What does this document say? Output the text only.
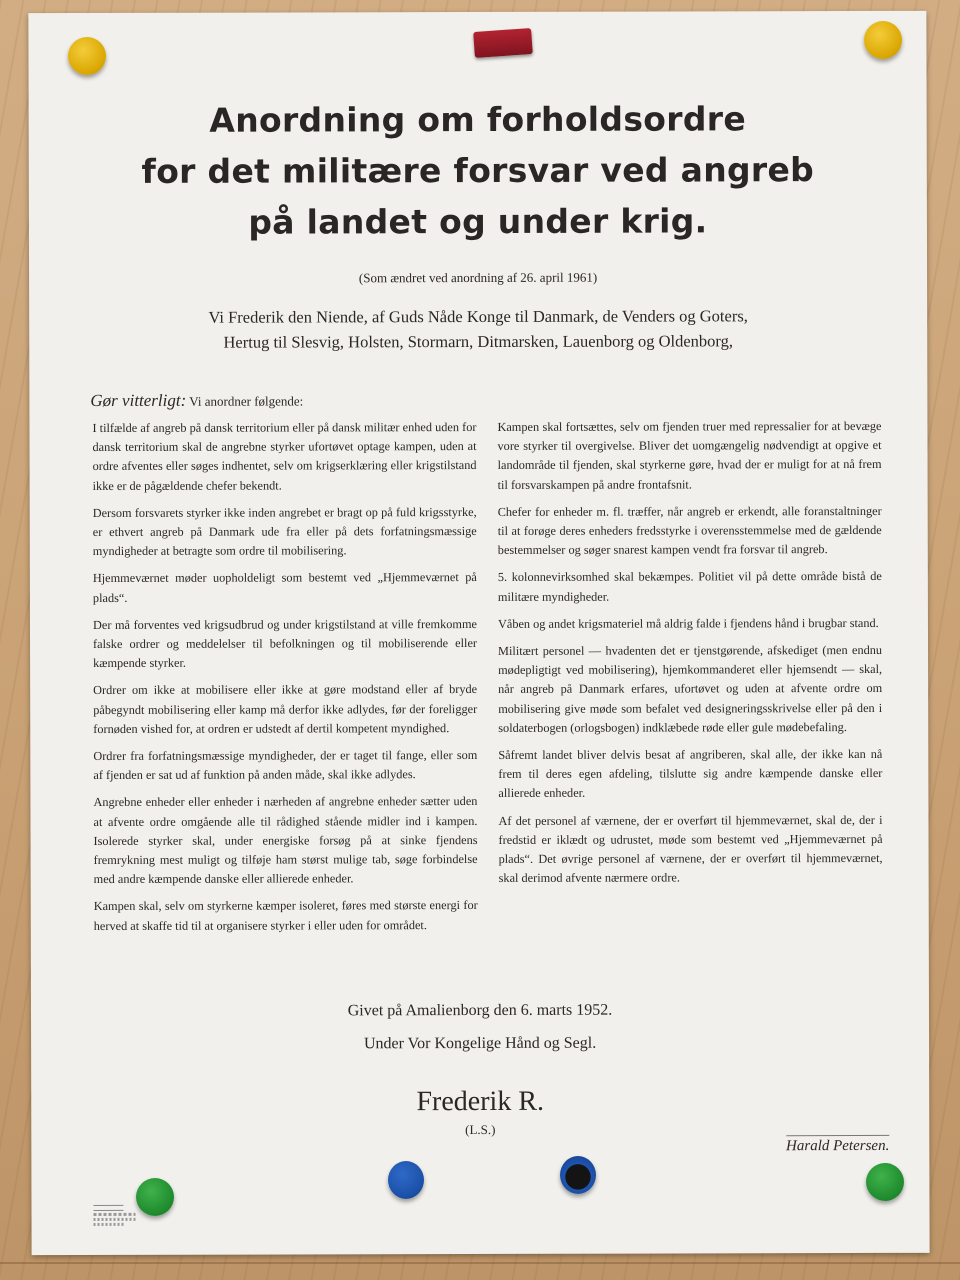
Anordning om forholdsordre
for det militære forsvar ved angreb
på landet og under krig.
(Som ændret ved anordning af 26. april 1961)
Vi Frederik den Niende, af Guds Nåde Konge til Danmark, de Venders og Goters,
Hertug til Slesvig, Holsten, Stormarn, Ditmarsken, Lauenborg og Oldenborg,
Gør vitterligt: Vi anordner følgende:

I tilfælde af angreb på dansk territorium eller på dansk militær enhed uden for dansk territorium skal de angrebne styrker ufortøvet optage kampen, uden at ordre afventes eller søges indhentet, selv om krigserklæring eller krigstilstand ikke er de pågældende chefer bekendt.

Dersom forsvarets styrker ikke inden angrebet er bragt op på fuld krigsstyrke, er ethvert angreb på Danmark ude fra eller på dets forfatningsmæssige myndigheder at betragte som ordre til mobilisering.

Hjemmeværnet møder uopholdeligt som bestemt ved „Hjemmeværnet på plads“.

Der må forventes ved krigsudbrud og under krigstilstand at ville fremkomme falske ordrer og meddelelser til befolkningen og til mobiliserende eller kæmpende styrker.

Ordrer om ikke at mobilisere eller ikke at gøre modstand eller af bryde påbegyndt mobilisering eller kamp må derfor ikke adlydes, før der foreligger fornøden vished for, at ordren er udstedt af dertil kompetent myndighed.

Ordrer fra forfatningsmæssige myndigheder, der er taget til fange, eller som af fjenden er sat ud af funktion på anden måde, skal ikke adlydes.

Angrebne enheder eller enheder i nærheden af angrebne enheder sætter uden at afvente ordre omgående alle til rådighed stående midler ind i kampen. Isolerede styrker skal, under energiske forsøg på at sinke fjendens fremrykning mest muligt og tilføje ham størst mulige tab, søge forbindelse med andre kæmpende danske eller allierede enheder.

Kampen skal, selv om styrkerne kæmper isoleret, føres med største energi for herved at skaffe tid til at organisere styrker i eller uden for området.

Kampen skal fortsættes, selv om fjenden truer med repressalier for at bevæge vore styrker til overgivelse. Bliver det uomgængelig nødvendigt at opgive et landområde til fjenden, skal styrkerne gøre, hvad der er muligt for at nå frem til forsvarskampen på andre frontafsnit.

Chefer for enheder m. fl. træffer, når angreb er erkendt, alle foranstaltninger til at forøge deres enheders fredsstyrke i overensstemmelse med de gældende bestemmelser og søger snarest kampen vendt fra forsvar til angreb.

5. kolonnevirksomhed skal bekæmpes. Politiet vil på dette område bistå de militære myndigheder.

Våben og andet krigsmateriel må aldrig falde i fjendens hånd i brugbar stand.

Militært personel — hvadenten det er tjenstgørende, afskediget (men endnu mødepligtigt ved mobilisering), hjemkommanderet eller hjemsendt — skal, når angreb på Danmark erfares, ufortøvet og uden at afvente ordre om mobilisering give møde som befalet ved designeringsskrivelse eller på den i soldaterbogen (orlogsbogen) indklæbede røde eller gule mødebefaling.

Såfremt landet bliver delvis besat af angriberen, skal alle, der ikke kan nå frem til deres egen afdeling, tilslutte sig andre kæmpende danske eller allierede enheder.

Af det personel af værnene, der er overført til hjemmeværnet, skal de, der i fredstid er iklædt og udrustet, møde som bestemt ved „Hjemmeværnet på plads“. Det øvrige personel af værnene, der er overført til hjemmeværnet, skal derimod afvente nærmere ordre.

Givet på Amalienborg den 6. marts 1952.
Under Vor Kongelige Hånd og Segl.
Frederik R.
(L.S.)
Harald Petersen.
